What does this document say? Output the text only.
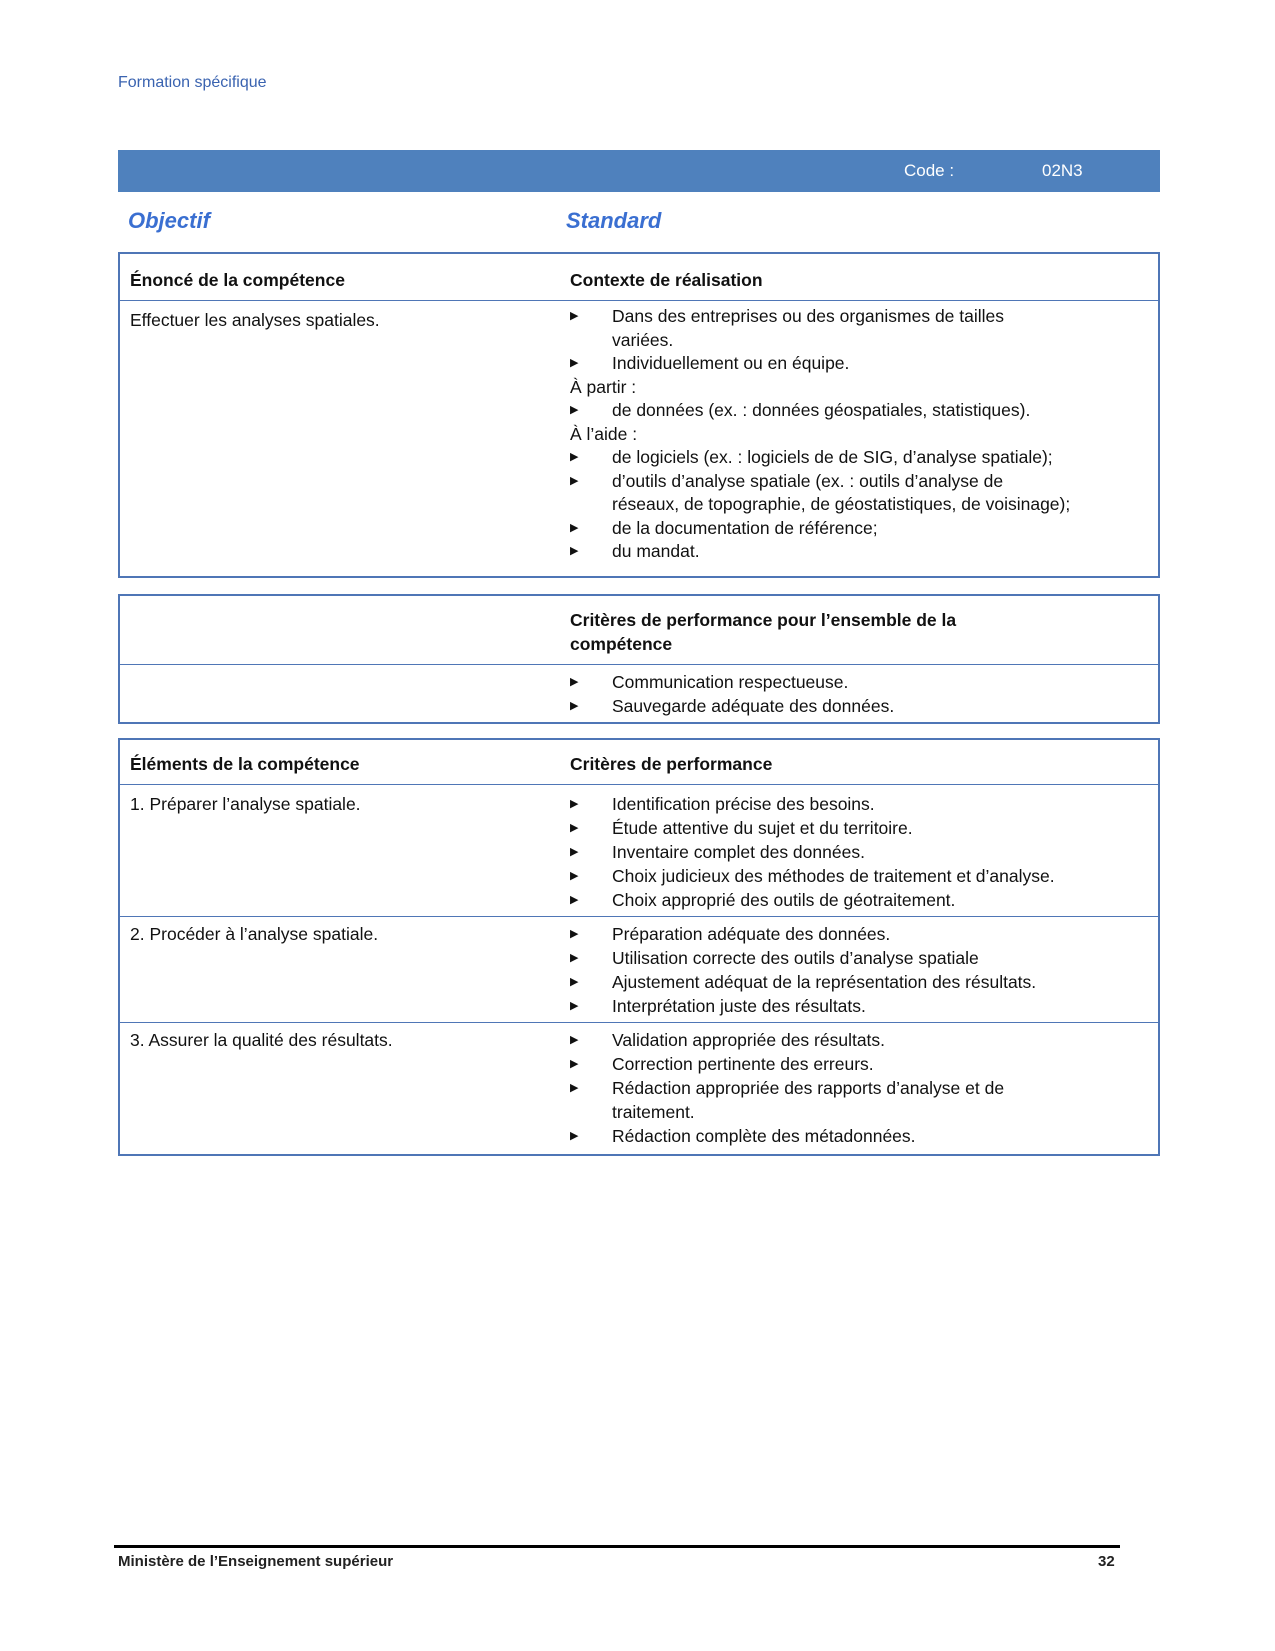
Formation spécifique
Code :	02N3
Objectif	Standard
Énoncé de la compétence	Contexte de réalisation
Effectuer les analyses spatiales.	▶ Dans des entreprises ou des organismes de tailles
variées.
▶ Individuellement ou en équipe.
À partir :
▶ de données (ex. : données géospatiales, statistiques).
À l’aide :
▶ de logiciels (ex. : logiciels de de SIG, d’analyse spatiale);
▶ d’outils d’analyse spatiale (ex. : outils d’analyse de
réseaux, de topographie, de géostatistiques, de voisinage);
▶ de la documentation de référence;
▶ du mandat.
Critères de performance pour l’ensemble de la
compétence
▶ Communication respectueuse.
▶ Sauvegarde adéquate des données.
Éléments de la compétence	Critères de performance
1. Préparer l’analyse spatiale.	▶ Identification précise des besoins.
▶ Étude attentive du sujet et du territoire.
▶ Inventaire complet des données.
▶ Choix judicieux des méthodes de traitement et d’analyse.
▶ Choix approprié des outils de géotraitement.
2. Procéder à l’analyse spatiale.	▶ Préparation adéquate des données.
▶ Utilisation correcte des outils d’analyse spatiale
▶ Ajustement adéquat de la représentation des résultats.
▶ Interprétation juste des résultats.
3. Assurer la qualité des résultats.	▶ Validation appropriée des résultats.
▶ Correction pertinente des erreurs.
▶ Rédaction appropriée des rapports d’analyse et de
traitement.
▶ Rédaction complète des métadonnées.
Ministère de l’Enseignement supérieur	32
